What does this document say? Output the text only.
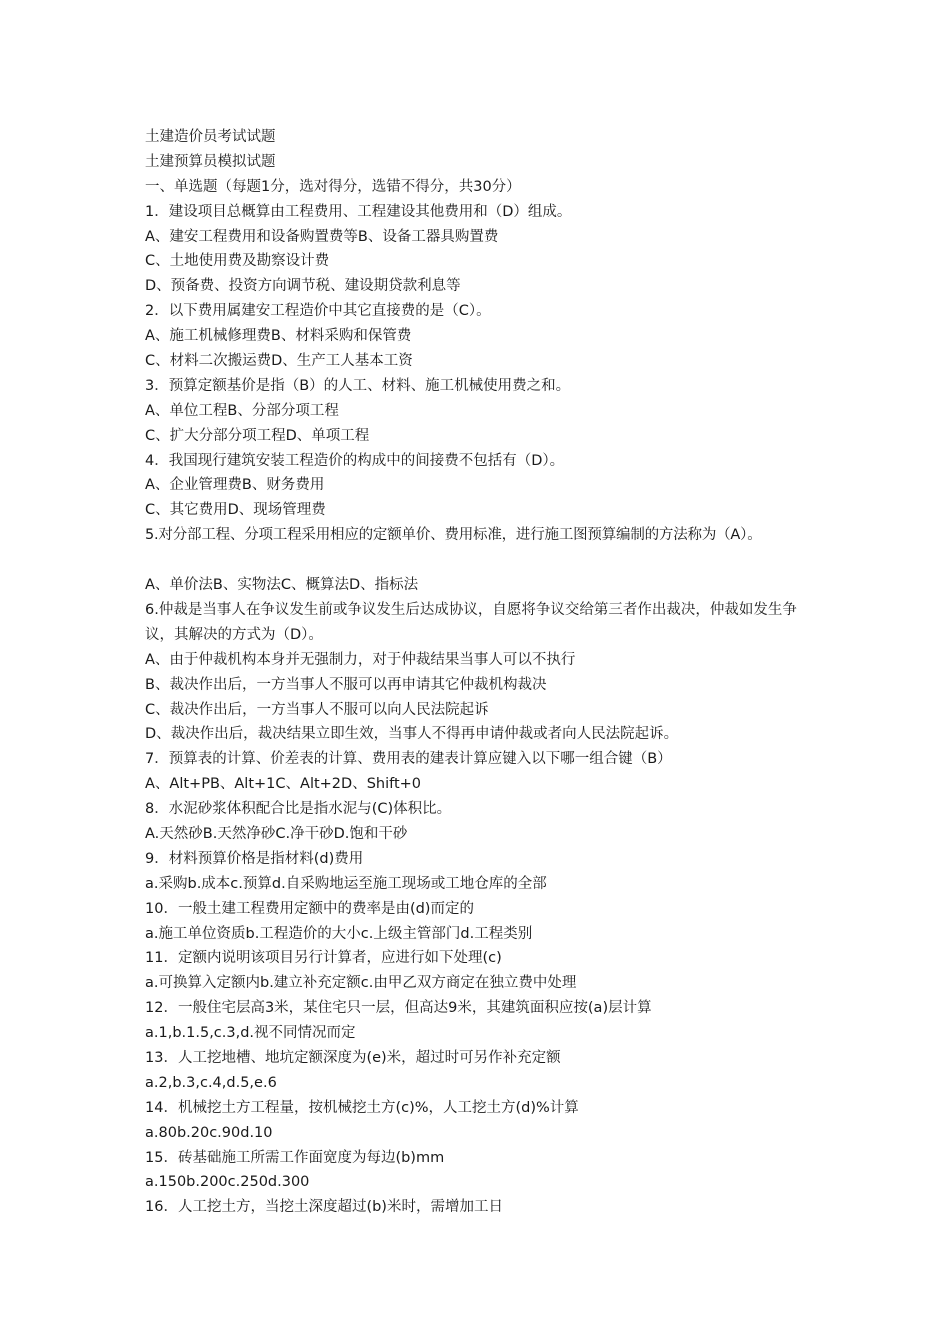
土建造价员考试试题
土建预算员模拟试题
一、单选题（每题1分，选对得分，选错不得分，共30分）
1．建设项目总概算由工程费用、工程建设其他费用和（D）组成。
A、建安工程费用和设备购置费等B、设备工器具购置费
C、土地使用费及勘察设计费
D、预备费、投资方向调节税、建设期贷款利息等
2．以下费用属建安工程造价中其它直接费的是（C）。
A、施工机械修理费B、材料采购和保管费
C、材料二次搬运费D、生产工人基本工资
3．预算定额基价是指（B）的人工、材料、施工机械使用费之和。
A、单位工程B、分部分项工程
C、扩大分部分项工程D、单项工程
4．我国现行建筑安装工程造价的构成中的间接费不包括有（D）。
A、企业管理费B、财务费用
C、其它费用D、现场管理费
5.对分部工程、分项工程采用相应的定额单价、费用标准，进行施工图预算编制的方法称为（A）。
A、单价法B、实物法C、概算法D、指标法
6.仲裁是当事人在争议发生前或争议发生后达成协议，自愿将争议交给第三者作出裁决，仲裁如发生争议，其解决的方式为（D）。
A、由于仲裁机构本身并无强制力，对于仲裁结果当事人可以不执行
B、裁决作出后，一方当事人不服可以再申请其它仲裁机构裁决
C、裁决作出后，一方当事人不服可以向人民法院起诉
D、裁决作出后，裁决结果立即生效，当事人不得再申请仲裁或者向人民法院起诉。
7．预算表的计算、价差表的计算、费用表的建表计算应键入以下哪一组合键（B）
A、Alt+PB、Alt+1C、Alt+2D、Shift+0
8．水泥砂浆体积配合比是指水泥与(C)体积比。
A.天然砂B.天然净砂C.净干砂D.饱和干砂
9．材料预算价格是指材料(d)费用
a.采购b.成本c.预算d.自采购地运至施工现场或工地仓库的全部
10．一般土建工程费用定额中的费率是由(d)而定的
a.施工单位资质b.工程造价的大小c.上级主管部门d.工程类别
11．定额内说明该项目另行计算者，应进行如下处理(c)
a.可换算入定额内b.建立补充定额c.由甲乙双方商定在独立费中处理
12．一般住宅层高3米，某住宅只一层，但高达9米，其建筑面积应按(a)层计算
a.1,b.1.5,c.3,d.视不同情况而定
13．人工挖地槽、地坑定额深度为(e)米，超过时可另作补充定额
a.2,b.3,c.4,d.5,e.6
14．机械挖土方工程量，按机械挖土方(c)%，人工挖土方(d)%计算
a.80b.20c.90d.10
15．砖基础施工所需工作面宽度为每边(b)mm
a.150b.200c.250d.300
16．人工挖土方，当挖土深度超过(b)米时，需增加工日
